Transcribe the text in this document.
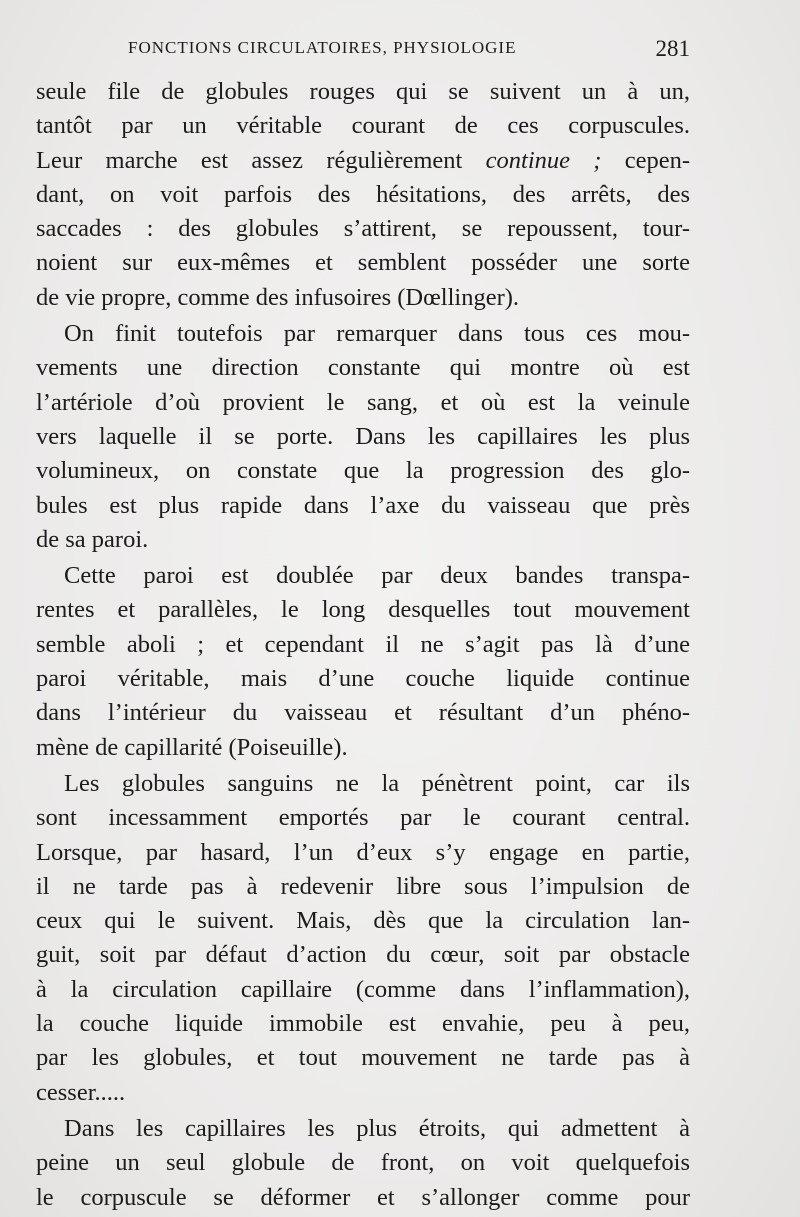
FONCTIONS CIRCULATOIRES, PHYSIOLOGIE	281
seule file de globules rouges qui se suivent un à un,
tantôt par un véritable courant de ces corpuscules.
Leur marche est assez régulièrement continue ; cepen-
dant, on voit parfois des hésitations, des arrêts, des
saccades : des globules s’attirent, se repoussent, tour-
noient sur eux-mêmes et semblent posséder une sorte
de vie propre, comme des infusoires (Dœllinger).
On finit toutefois par remarquer dans tous ces mou-
vements une direction constante qui montre où est
l’artériole d’où provient le sang, et où est la veinule
vers laquelle il se porte. Dans les capillaires les plus
volumineux, on constate que la progression des glo-
bules est plus rapide dans l’axe du vaisseau que près
de sa paroi.
Cette paroi est doublée par deux bandes transpa-
rentes et parallèles, le long desquelles tout mouvement
semble aboli ; et cependant il ne s’agit pas là d’une
paroi véritable, mais d’une couche liquide continue
dans l’intérieur du vaisseau et résultant d’un phéno-
mène de capillarité (Poiseuille).
Les globules sanguins ne la pénètrent point, car ils
sont incessamment emportés par le courant central.
Lorsque, par hasard, l’un d’eux s’y engage en partie,
il ne tarde pas à redevenir libre sous l’impulsion de
ceux qui le suivent. Mais, dès que la circulation lan-
guit, soit par défaut d’action du cœur, soit par obstacle
à la circulation capillaire (comme dans l’inflammation),
la couche liquide immobile est envahie, peu à peu,
par les globules, et tout mouvement ne tarde pas à
cesser.....
Dans les capillaires les plus étroits, qui admettent à
peine un seul globule de front, on voit quelquefois
le corpuscule se déformer et s’allonger comme pour
